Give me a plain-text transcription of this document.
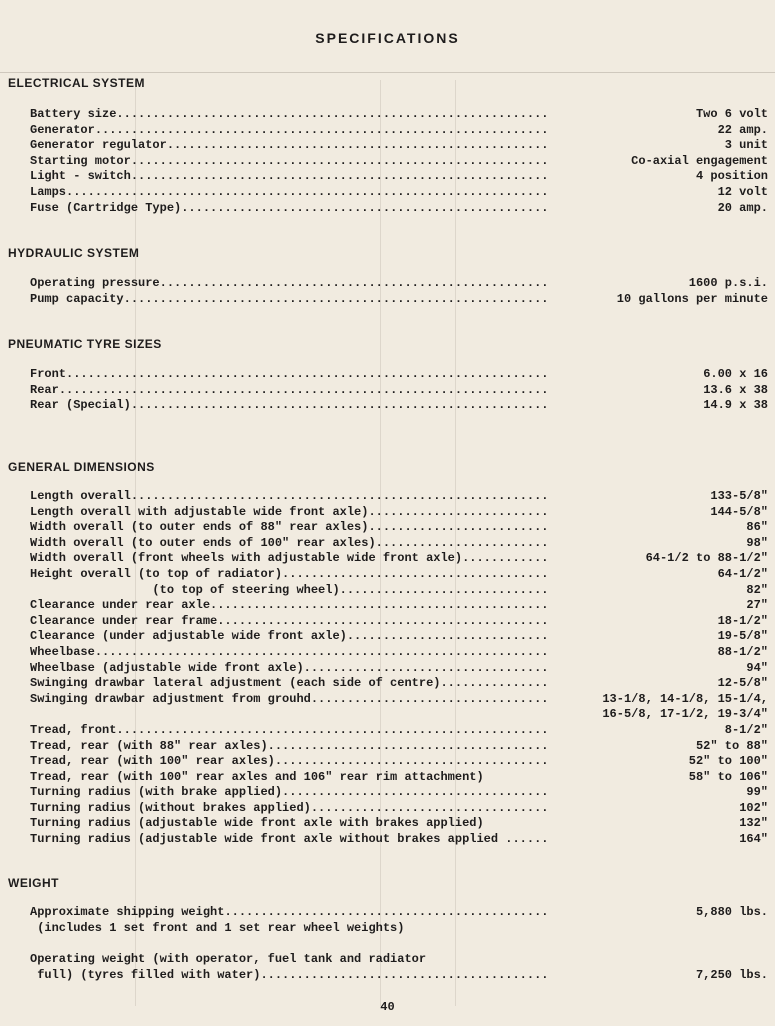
SPECIFICATIONS
ELECTRICAL SYSTEM
Battery size .....	Two 6 volt
Generator .....	22 amp.
Generator regulator .....	3 unit
Starting motor .....	Co-axial engagement
Light - switch .....	4 position
Lamps .....	12 volt
Fuse (Cartridge Type) .....	20 amp.
HYDRAULIC SYSTEM
Operating pressure .....	1600 p.s.i.
Pump capacity .....	10 gallons per minute
PNEUMATIC TYRE SIZES
Front .....	6.00 x 16
Rear .....	13.6 x 38
Rear (Special) .....	14.9 x 38
GENERAL DIMENSIONS
Length overall .....	133-5/8"
Length overall with adjustable wide front axle) .....	144-5/8"
Width overall (to outer ends of 88" rear axles) .....	86"
Width overall (to outer ends of 100" rear axles) .....	98"
Width overall (front wheels with adjustable wide front axle) .....	64-1/2 to 88-1/2"
Height overall (to top of radiator) .....	64-1/2"
(to top of steering wheel) .....	82"
Clearance under rear axle .....	27"
Clearance under rear frame .....	18-1/2"
Clearance (under adjustable wide front axle) .....	19-5/8"
Wheelbase .....	88-1/2"
Wheelbase (adjustable wide front axle) .....	94"
Swinging drawbar lateral adjustment (each side of centre) .....	12-5/8"
Swinging drawbar adjustment from grouhd. .....	13-1/8, 14-1/8, 15-1/4,
16-5/8, 17-1/2, 19-3/4"
Tread, front .....	8-1/2"
Tread, rear (with 88" rear axles) .....	52" to 88"
Tread, rear (with 100" rear axles) .....	52" to 100"
Tread, rear (with 100" rear axles and 106" rear rim attachment)	58" to 106"
Turning radius (with brake applied) .....	99"
Turning radius (without brakes applied) .....	102"
Turning radius (adjustable wide front axle with brakes applied)	132"
Turning radius (adjustable wide front axle without brakes applied ... .....	164"
WEIGHT
Approximate shipping weight .....	5,880 lbs.
(includes 1 set front and 1 set rear wheel weights)
Operating weight (with operator, fuel tank and radiator
full) (tyres filled with water) .....	7,250 lbs.
40
